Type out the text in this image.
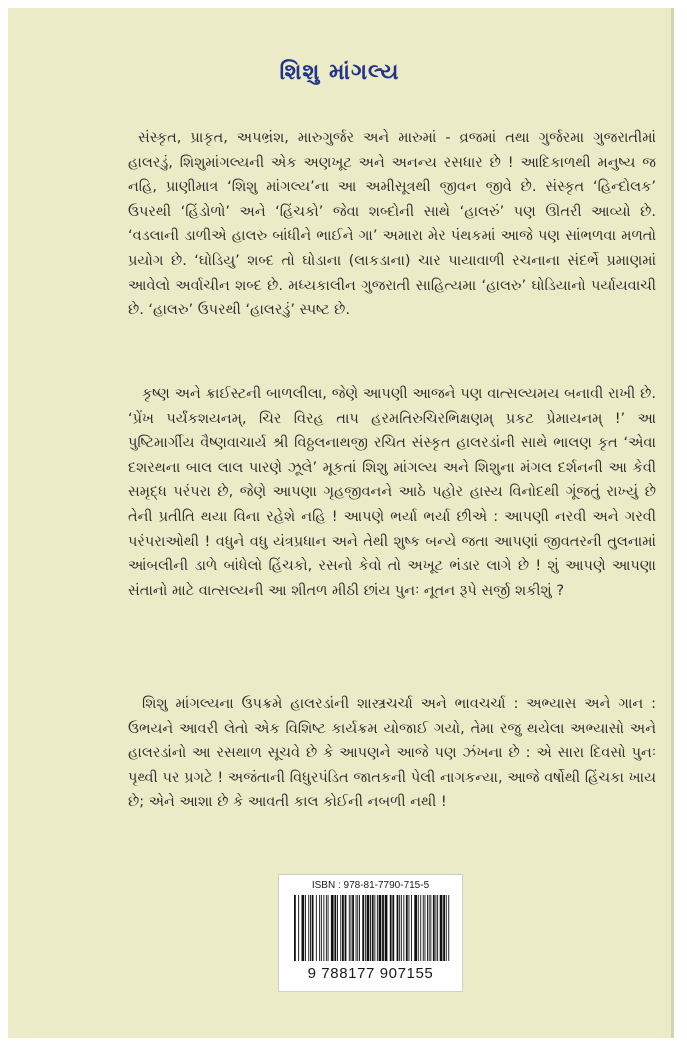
શિશુ માંગલ્ય

સંસ્કૃત, પ્રાકૃત, અપભ્રંશ, મારુગુર્જર અને મારુમાં - વ્રજમાં તથા ગુર્જરમા ગુજરાતીમાં હાલરડું, શિશુમાંગલ્યની એક અણખૂટ અને અનન્ય રસધાર છે ! આદિકાળથી મનુષ્ય જ નહિ, પ્રાણીમાત્ર ‘શિશુ માંગલ્ય’ના આ અમીસૂત્રથી જીવન જીવે છે. સંસ્કૃત ‘હિન્દોલક’ ઉપરથી ‘હિંડોળો’ અને ‘હિંચકો’ જેવા શબ્દોની સાથે ‘હાલરું’ પણ ઊતરી આવ્યો છે. ‘વડલાની ડાળીએ હાલરુ બાંધીને ભાઈને ગા’ અમારા મેર પંથકમાં આજે પણ સાંભળવા મળતો પ્રયોગ છે. ‘ઘોડિયુ’ શબ્દ તો ઘોડાના (લાકડાના) ચાર પાયાવાળી રચનાના સંદર્ભે પ્રમાણમાં આવેલો અર્વાચીન શબ્દ છે. મધ્યકાલીન ગુજરાતી સાહિત્યમા ‘હાલરુ’ ઘોડિયાનો પર્યાયવાચી છે. ‘હાલરુ’ ઉપરથી ‘હાલરડું’ સ્પષ્ટ છે.

કૃષ્ણ અને ક્રાઈસ્ટની બાળલીલા, જેણે આપણી આજને પણ વાત્સલ્યમય બનાવી રાખી છે. ‘પ્રેંખ પર્યંકશયનમ્, ચિર વિરહ તાપ હરમતિરુચિરભિક્ષણમ્ પ્રકટ પ્રેમાયનમ્ !’ આ પુષ્ટિમાર્ગીય વૈષ્ણવાચાર્ય શ્રી વિઠ્ઠલનાથજી રચિત સંસ્કૃત હાલરડાંની સાથે ભાલણ કૃત ‘એવા દશરથના બાલ લાલ પારણે ઝૂલે’ મૂકતાં શિશુ માંગલ્ય અને શિશુના મંગલ દર્શનની આ કેવી સમૃદ્ધ પરંપરા છે, જેણે આપણા ગૃહજીવનને આઠે પહોર હાસ્ય વિનોદથી ગૂંજતું રાખ્યું છે તેની પ્રતીતિ થયા વિના રહેશે નહિ ! આપણે ભર્યા ભર્યા છીએ : આપણી નરવી અને ગરવી પરંપરાઓથી ! વધુને વધુ યંત્રપ્રધાન અને તેથી શુષ્ક બન્યે જતા આપણાં જીવતરની તુલનામાં આંબલીની ડાળે બાંધેલો હિંચકો, રસનો કેવો તો અખૂટ ભંડાર લાગે છે ! શું આપણે આપણા સંતાનો માટે વાત્સલ્યની આ શીતળ મીઠી છાંય પુનઃ નૂતન રૂપે સર્જી શકીશું ?

શિશુ માંગલ્યના ઉપક્રમે હાલરડાંની શાસ્ત્રચર્ચા અને ભાવચર્ચા : અભ્યાસ અને ગાન : ઉભયને આવરી લેતો એક વિશિષ્ટ કાર્યક્રમ યોજાઈ ગયો, તેમા રજુ થયેલા અભ્યાસો અને હાલરડાંનો આ રસથાળ સૂચવે છે કે આપણને આજે પણ ઝંખના છે : એ સારા દિવસો પુનઃ પૃથ્વી પર પ્રગટે ! અજંતાની વિધુરપંડિત જાતકની પેલી નાગકન્યા, આજે વર્ષોથી હિંચકા ખાય છે; એને આશા છે કે આવતી કાલ કોઈની નબળી નથી !

ISBN : 978-81-7790-715-5
9 788177 907155
